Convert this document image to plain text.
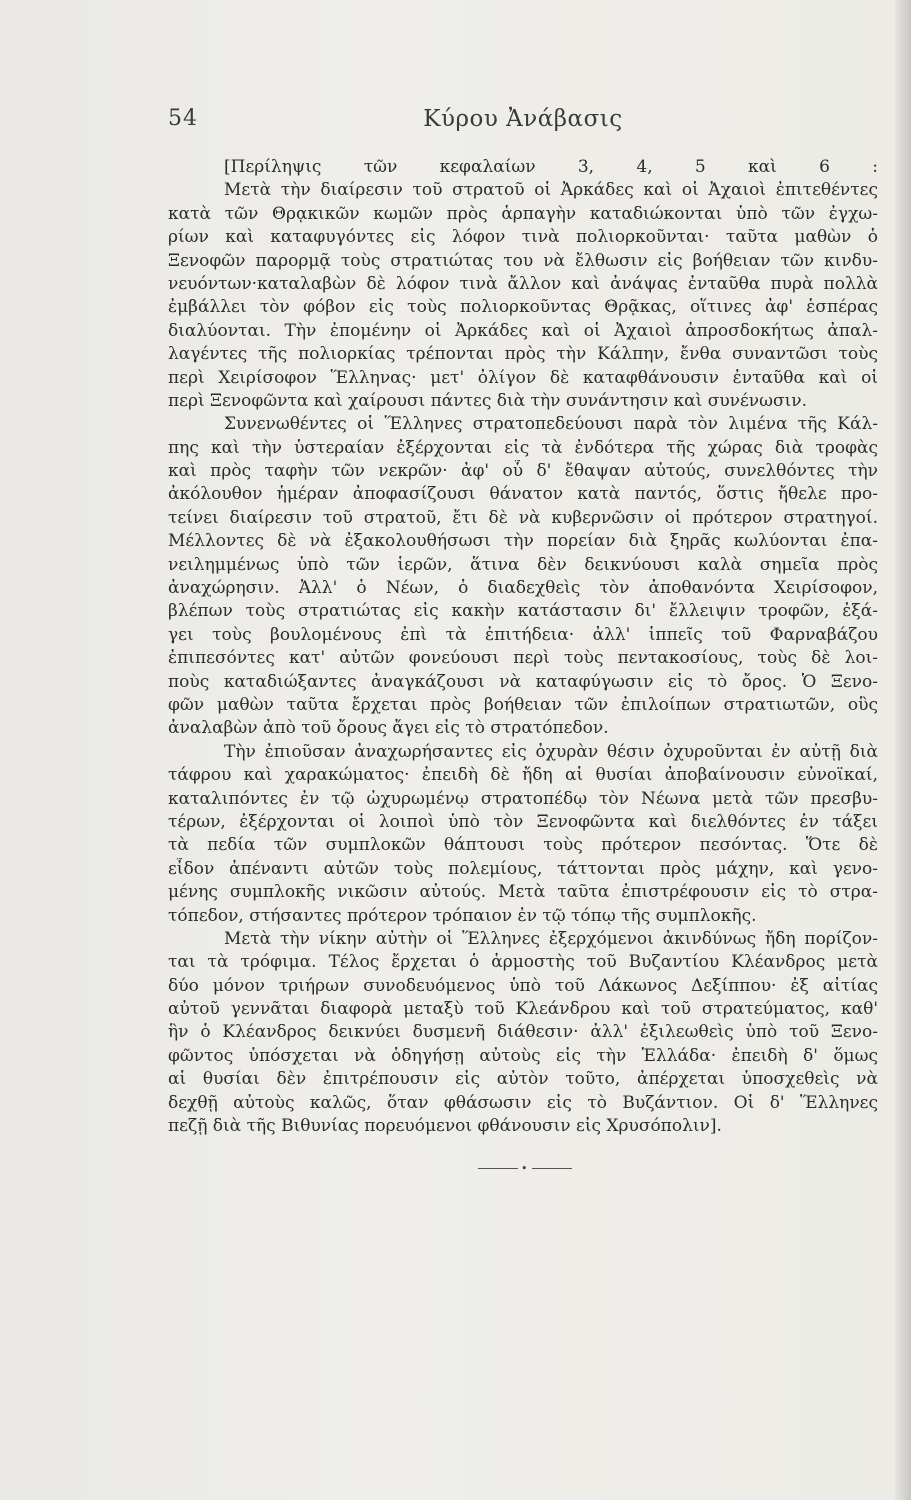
54	Κύρου Ἀνάβασις
[Περίληψις τῶν κεφαλαίων 3, 4, 5 καὶ 6 :
Μετὰ τὴν διαίρεσιν τοῦ στρατοῦ οἱ Ἀρκάδες καὶ οἱ Ἀχαιοὶ ἐπιτεθέντες
κατὰ τῶν Θρᾳκικῶν κωμῶν πρὸς ἁρπαγὴν καταδιώκονται ὑπὸ τῶν ἐγχω-
ρίων καὶ καταφυγόντες εἰς λόφον τινὰ πολιορκοῦνται· ταῦτα μαθὼν ὁ
Ξενοφῶν παρορμᾷ τοὺς στρατιώτας του νὰ ἔλθωσιν εἰς βοήθειαν τῶν κινδυ-
νευόντων·καταλαβὼν δὲ λόφον τινὰ ἄλλον καὶ ἀνάψας ἐνταῦθα πυρὰ πολλὰ
ἐμβάλλει τὸν φόβον εἰς τοὺς πολιορκοῦντας Θρᾷκας, οἵτινες ἀφ' ἑσπέρας
διαλύονται. Τὴν ἐπομένην οἱ Ἀρκάδες καὶ οἱ Ἀχαιοὶ ἀπροσδοκήτως ἀπαλ-
λαγέντες τῆς πολιορκίας τρέπονται πρὸς τὴν Κάλπην, ἔνθα συναντῶσι τοὺς
περὶ Χειρίσοφον Ἕλληνας· μετ' ὀλίγον δὲ καταφθάνουσιν ἐνταῦθα καὶ οἱ
περὶ Ξενοφῶντα καὶ χαίρουσι πάντες διὰ τὴν συνάντησιν καὶ συνένωσιν.
Συνενωθέντες οἱ Ἕλληνες στρατοπεδεύουσι παρὰ τὸν λιμένα τῆς Κάλ-
πης καὶ τὴν ὑστεραίαν ἐξέρχονται εἰς τὰ ἐνδότερα τῆς χώρας διὰ τροφὰς
καὶ πρὸς ταφὴν τῶν νεκρῶν· ἀφ' οὗ δ' ἔθαψαν αὐτούς, συνελθόντες τὴν
ἀκόλουθον ἡμέραν ἀποφασίζουσι θάνατον κατὰ παντός, ὅστις ἤθελε προ-
τείνει διαίρεσιν τοῦ στρατοῦ, ἔτι δὲ νὰ κυβερνῶσιν οἱ πρότερον στρατηγοί.
Μέλλοντες δὲ νὰ ἐξακολουθήσωσι τὴν πορείαν διὰ ξηρᾶς κωλύονται ἐπα-
νειλημμένως ὑπὸ τῶν ἱερῶν, ἅτινα δὲν δεικνύουσι καλὰ σημεῖα πρὸς
ἀναχώρησιν. Ἀλλ' ὁ Νέων, ὁ διαδεχθεὶς τὸν ἀποθανόντα Χειρίσοφον,
βλέπων τοὺς στρατιώτας εἰς κακὴν κατάστασιν δι' ἔλλειψιν τροφῶν, ἐξά-
γει τοὺς βουλομένους ἐπὶ τὰ ἐπιτήδεια· ἀλλ' ἱππεῖς τοῦ Φαρναβάζου
ἐπιπεσόντες κατ' αὐτῶν φονεύουσι περὶ τοὺς πεντακοσίους, τοὺς δὲ λοι-
ποὺς καταδιώξαντες ἀναγκάζουσι νὰ καταφύγωσιν εἰς τὸ ὄρος. Ὁ Ξενο-
φῶν μαθὼν ταῦτα ἔρχεται πρὸς βοήθειαν τῶν ἐπιλοίπων στρατιωτῶν, οὓς
ἀναλαβὼν ἀπὸ τοῦ ὄρους ἄγει εἰς τὸ στρατόπεδον.
Τὴν ἐπιοῦσαν ἀναχωρήσαντες εἰς ὀχυρὰν θέσιν ὀχυροῦνται ἐν αὐτῇ διὰ
τάφρου καὶ χαρακώματος· ἐπειδὴ δὲ ἤδη αἱ θυσίαι ἀποβαίνουσιν εὐνοϊκαί,
καταλιπόντες ἐν τῷ ὠχυρωμένῳ στρατοπέδῳ τὸν Νέωνα μετὰ τῶν πρεσβυ-
τέρων, ἐξέρχονται οἱ λοιποὶ ὑπὸ τὸν Ξενοφῶντα καὶ διελθόντες ἐν τάξει
τὰ πεδία τῶν συμπλοκῶν θάπτουσι τοὺς πρότερον πεσόντας. Ὅτε δὲ
εἶδον ἀπέναντι αὐτῶν τοὺς πολεμίους, τάττονται πρὸς μάχην, καὶ γενο-
μένης συμπλοκῆς νικῶσιν αὐτούς. Μετὰ ταῦτα ἐπιστρέφουσιν εἰς τὸ στρα-
τόπεδον, στήσαντες πρότερον τρόπαιον ἐν τῷ τόπῳ τῆς συμπλοκῆς.
Μετὰ τὴν νίκην αὐτὴν οἱ Ἕλληνες ἐξερχόμενοι ἀκινδύνως ἤδη πορίζον-
ται τὰ τρόφιμα. Τέλος ἔρχεται ὁ ἁρμοστὴς τοῦ Βυζαντίου Κλέανδρος μετὰ
δύο μόνον τριήρων συνοδευόμενος ὑπὸ τοῦ Λάκωνος Δεξίππου· ἐξ αἰτίας
αὐτοῦ γεννᾶται διαφορὰ μεταξὺ τοῦ Κλεάνδρου καὶ τοῦ στρατεύματος, καθ'
ἣν ὁ Κλέανδρος δεικνύει δυσμενῆ διάθεσιν· ἀλλ' ἐξιλεωθεὶς ὑπὸ τοῦ Ξενο-
φῶντος ὑπόσχεται νὰ ὁδηγήσῃ αὐτοὺς εἰς τὴν Ἑλλάδα· ἐπειδὴ δ' ὅμως
αἱ θυσίαι δὲν ἐπιτρέπουσιν εἰς αὐτὸν τοῦτο, ἀπέρχεται ὑποσχεθεὶς νὰ
δεχθῇ αὐτοὺς καλῶς, ὅταν φθάσωσιν εἰς τὸ Βυζάντιον. Οἱ δ' Ἕλληνες
πεζῇ διὰ τῆς Βιθυνίας πορευόμενοι φθάνουσιν εἰς Χρυσόπολιν].
•
